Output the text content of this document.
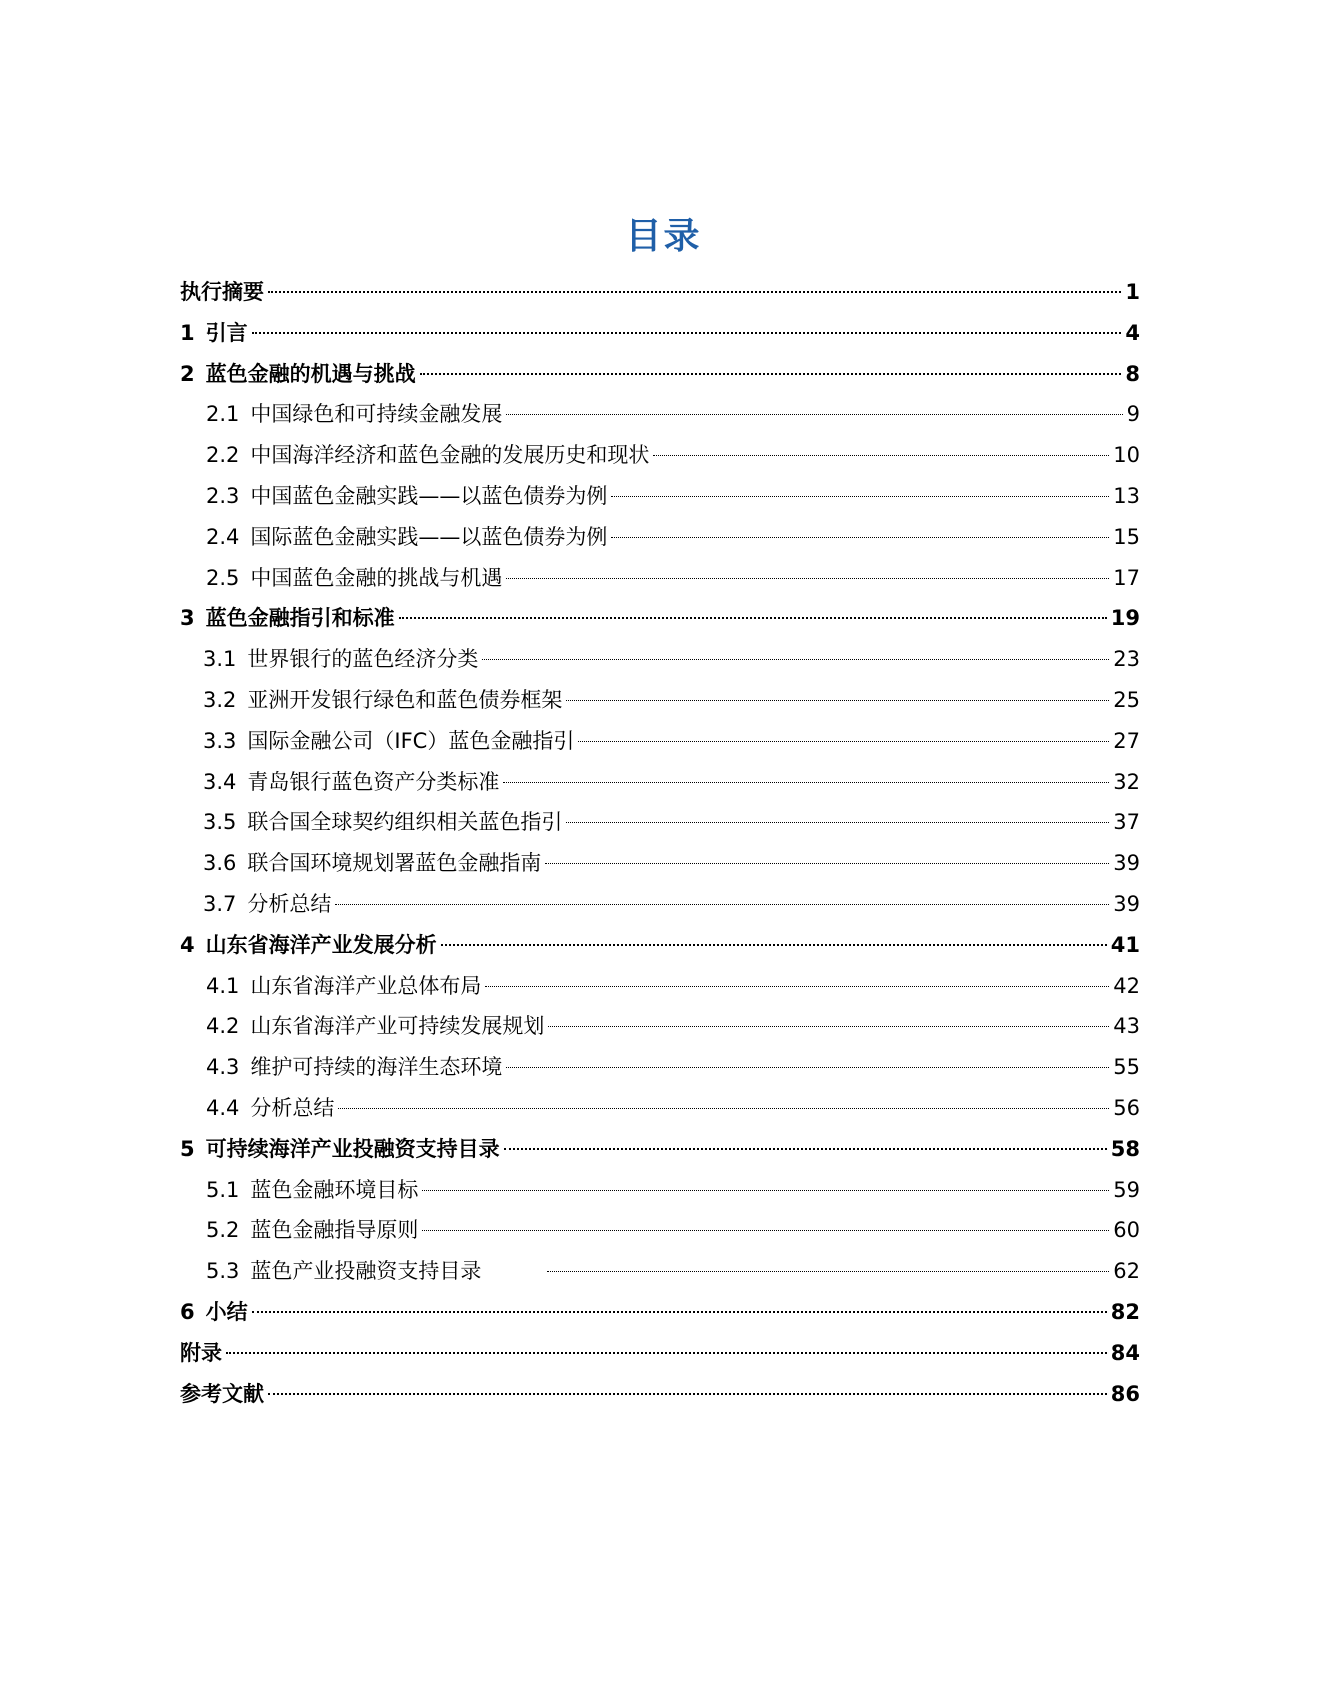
目录
执行摘要	1
1 引言	4
2 蓝色金融的机遇与挑战	8
2.1 中国绿色和可持续金融发展	9
2.2 中国海洋经济和蓝色金融的发展历史和现状	10
2.3 中国蓝色金融实践——以蓝色债券为例	13
2.4 国际蓝色金融实践——以蓝色债券为例	15
2.5 中国蓝色金融的挑战与机遇	17
3 蓝色金融指引和标准	19
3.1 世界银行的蓝色经济分类	23
3.2 亚洲开发银行绿色和蓝色债券框架	25
3.3 国际金融公司（IFC）蓝色金融指引	27
3.4 青岛银行蓝色资产分类标准	32
3.5 联合国全球契约组织相关蓝色指引	37
3.6 联合国环境规划署蓝色金融指南	39
3.7 分析总结	39
4 山东省海洋产业发展分析	41
4.1 山东省海洋产业总体布局	42
4.2 山东省海洋产业可持续发展规划	43
4.3 维护可持续的海洋生态环境	55
4.4 分析总结	56
5 可持续海洋产业投融资支持目录	58
5.1 蓝色金融环境目标	59
5.2 蓝色金融指导原则	60
5.3 蓝色产业投融资支持目录	62
6 小结	82
附录	84
参考文献	86
